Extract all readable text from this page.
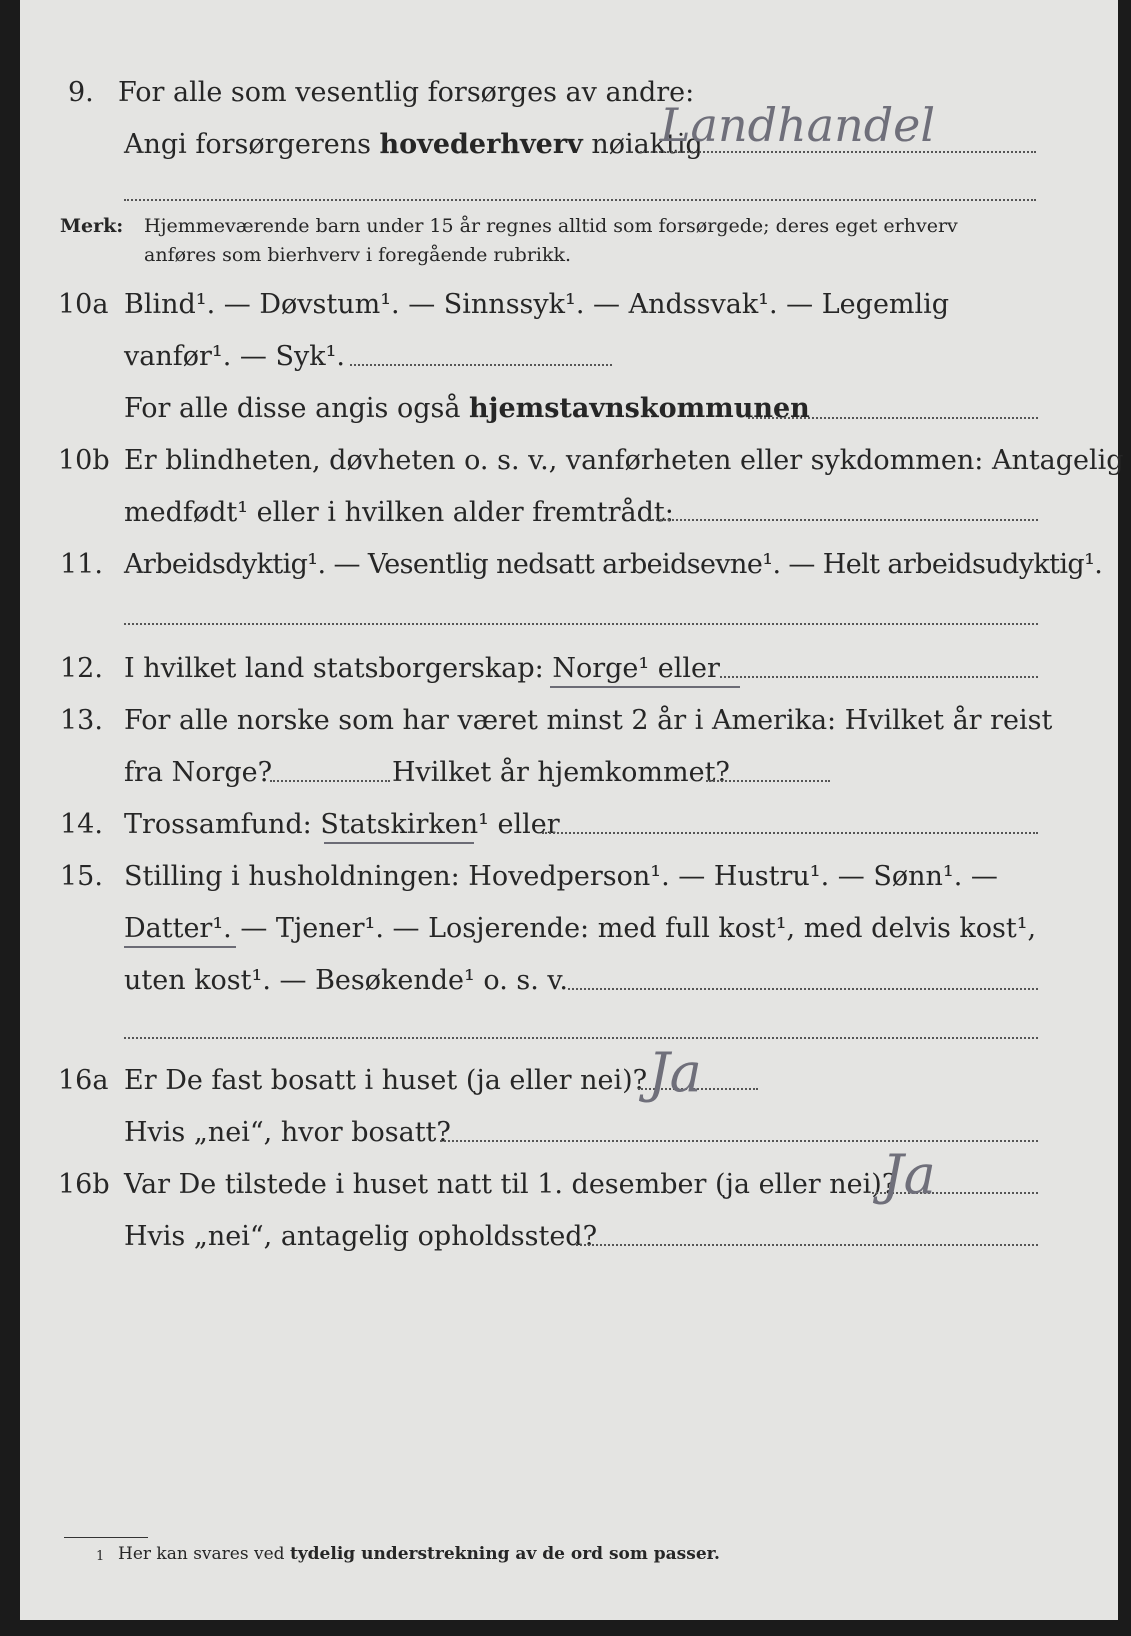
9. For alle som vesentlig forsørges av andre:
Angi forsørgerens hovederhverv nøiaktig
Landhandel
Merk: Hjemmeværende barn under 15 år regnes alltid som forsørgede; deres eget erhverv
anføres som bierhverv i foregående rubrikk.
10a Blind¹. — Døvstum¹. — Sinnssyk¹. — Andssvak¹. — Legemlig
vanfør¹. — Syk¹.
For alle disse angis også hjemstavnskommunen
10b Er blindheten, døvheten o. s. v., vanførheten eller sykdommen: Antagelig
medfødt¹ eller i hvilken alder fremtrådt:
11. Arbeidsdyktig¹. — Vesentlig nedsatt arbeidsevne¹. — Helt arbeidsudyktig¹.
12. I hvilket land statsborgerskap: Norge¹ eller
13. For alle norske som har været minst 2 år i Amerika: Hvilket år reist
fra Norge?	Hvilket år hjemkommet?
14. Trossamfund: Statskirken¹ eller
15. Stilling i husholdningen: Hovedperson¹. — Hustru¹. — Sønn¹. —
Datter¹. — Tjener¹. — Losjerende: med full kost¹, med delvis kost¹,
uten kost¹. — Besøkende¹ o. s. v.
16a Er De fast bosatt i huset (ja eller nei)? Ja
Hvis „nei“, hvor bosatt?
16b Var De tilstede i huset natt til 1. desember (ja eller nei)?
Ja
Hvis „nei“, antagelig opholdssted?
1 Her kan svares ved tydelig understrekning av de ord som passer.
